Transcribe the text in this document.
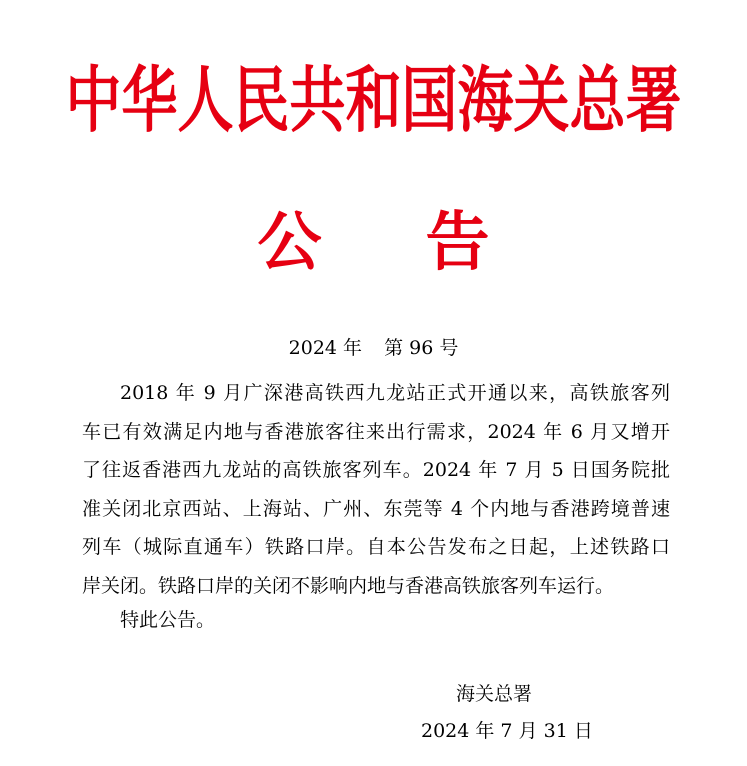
中华人民共和国海关总署
公 告
2024 年 第 96 号
2018 年 9 月广深港高铁西九龙站正式开通以来，高铁旅客列
车已有效满足内地与香港旅客往来出行需求，2024 年 6 月又增开
了往返香港西九龙站的高铁旅客列车。2024 年 7 月 5 日国务院批
准关闭北京西站、上海站、广州、东莞等 4 个内地与香港跨境普速
列车（城际直通车）铁路口岸。自本公告发布之日起，上述铁路口
岸关闭。铁路口岸的关闭不影响内地与香港高铁旅客列车运行。
特此公告。
海关总署
2024 年 7 月 31 日
